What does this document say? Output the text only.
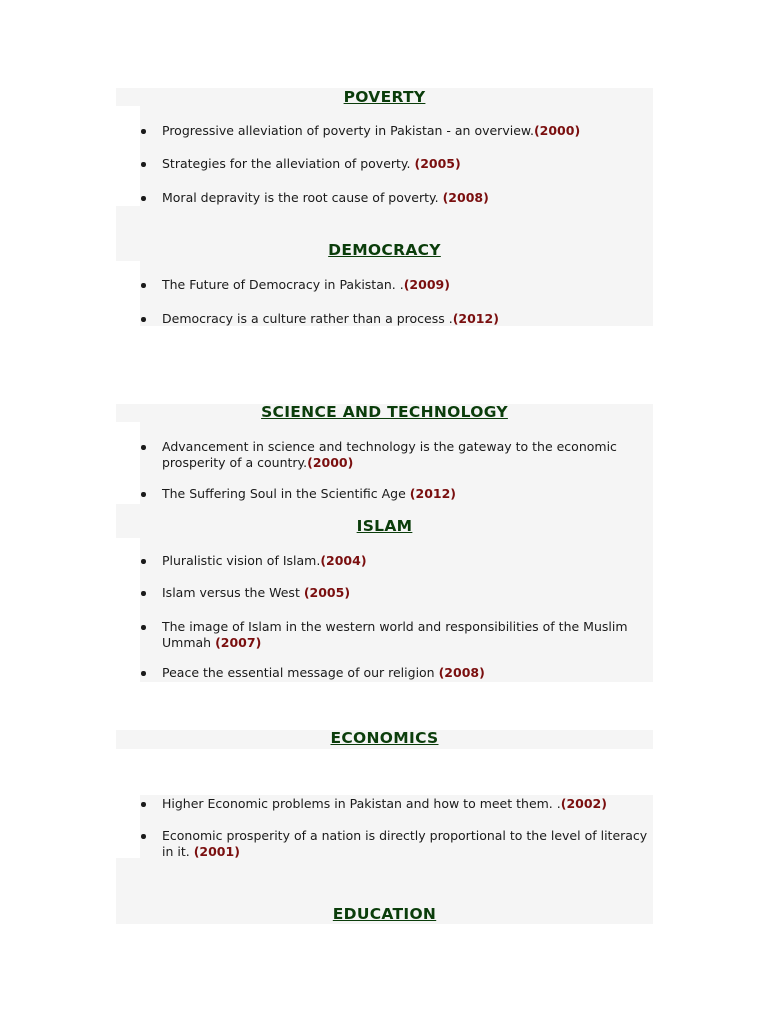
POVERTY
Progressive alleviation of poverty in Pakistan - an overview.(2000)
Strategies for the alleviation of poverty. (2005)
Moral depravity is the root cause of poverty. (2008)
DEMOCRACY
The Future of Democracy in Pakistan. .(2009)
Democracy is a culture rather than a process .(2012)
SCIENCE AND TECHNOLOGY
Advancement in science and technology is the gateway to the economic prosperity of a country.(2000)
The Suffering Soul in the Scientific Age (2012)
ISLAM
Pluralistic vision of Islam.(2004)
Islam versus the West (2005)
The image of Islam in the western world and responsibilities of the Muslim Ummah (2007)
Peace the essential message of our religion (2008)
ECONOMICS
Higher Economic problems in Pakistan and how to meet them. .(2002)
Economic prosperity of a nation is directly proportional to the level of literacy in it. (2001)
EDUCATION
